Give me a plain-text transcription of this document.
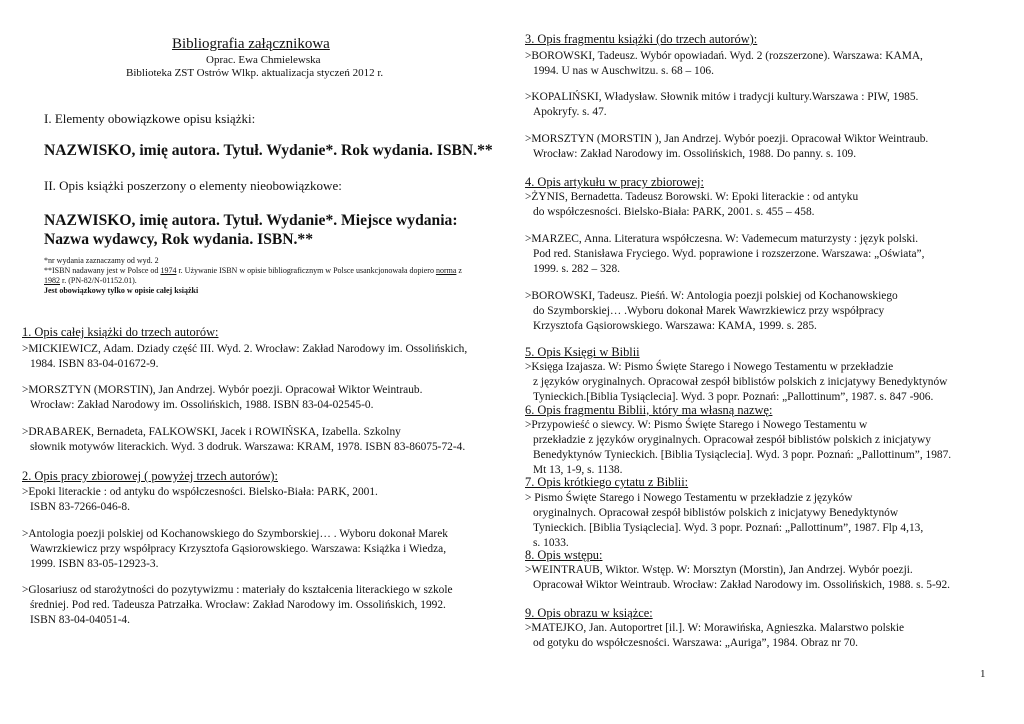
Bibliografia załącznikowa
Oprac. Ewa Chmielewska
Biblioteka ZST Ostrów Wlkp. aktualizacja styczeń 2012 r.
I. Elementy obowiązkowe opisu książki:
NAZWISKO, imię autora. Tytuł. Wydanie*. Rok wydania. ISBN.**
II. Opis książki poszerzony o elementy nieobowiązkowe:
NAZWISKO, imię autora. Tytuł. Wydanie*. Miejsce wydania:
Nazwa wydawcy, Rok wydania. ISBN.**
*nr wydania zaznaczamy od wyd. 2
**ISBN nadawany jest w Polsce od 1974 r. Używanie ISBN w opisie bibliograficznym w Polsce usankcjonowała dopiero norma z
1982 r. (PN-82/N-01152.01).
Jest obowiązkowy tylko w opisie całej książki
1. Opis całej książki do trzech autorów:
>MICKIEWICZ, Adam. Dziady część III. Wyd. 2. Wrocław: Zakład Narodowy im. Ossolińskich,
1984. ISBN 83-04-01672-9.
>MORSZTYN (MORSTIN), Jan Andrzej. Wybór poezji. Opracował Wiktor Weintraub.
Wrocław: Zakład Narodowy im. Ossolińskich, 1988. ISBN 83-04-02545-0.
>DRABAREK, Bernadeta, FALKOWSKI, Jacek i ROWIŃSKA, Izabella. Szkolny
słownik motywów literackich. Wyd. 3 dodruk. Warszawa: KRAM, 1978. ISBN 83-86075-72-4.
2. Opis pracy zbiorowej ( powyżej trzech autorów):
>Epoki literackie : od antyku do współczesności. Bielsko-Biała: PARK, 2001.
ISBN 83-7266-046-8.
>Antologia poezji polskiej od Kochanowskiego do Szymborskiej… . Wyboru dokonał Marek
Wawrzkiewicz przy współpracy Krzysztofa Gąsiorowskiego. Warszawa: Książka i Wiedza,
1999. ISBN 83-05-12923-3.
>Glosariusz od starożytności do pozytywizmu : materiały do kształcenia literackiego w szkole
średniej. Pod red. Tadeusza Patrzałka. Wrocław: Zakład Narodowy im. Ossolińskich, 1992.
ISBN 83-04-04051-4.
3. Opis fragmentu książki (do trzech autorów):
>BOROWSKI, Tadeusz. Wybór opowiadań. Wyd. 2 (rozszerzone). Warszawa: KAMA,
1994. U nas w Auschwitzu. s. 68 – 106.
>KOPALIŃSKI, Władysław. Słownik mitów i tradycji kultury.Warszawa : PIW, 1985.
Apokryfy. s. 47.
>MORSZTYN (MORSTIN ), Jan Andrzej. Wybór poezji. Opracował Wiktor Weintraub.
Wrocław: Zakład Narodowy im. Ossolińskich, 1988. Do panny. s. 109.
4. Opis artykułu w pracy zbiorowej:
>ŻYNIS, Bernadetta. Tadeusz Borowski. W: Epoki literackie : od antyku
do współczesności. Bielsko-Biała: PARK, 2001. s. 455 – 458.
>MARZEC, Anna. Literatura współczesna. W: Vademecum maturzysty : język polski.
Pod red. Stanisława Fryciego. Wyd. poprawione i rozszerzone. Warszawa: „Oświata”,
1999. s. 282 – 328.
>BOROWSKI, Tadeusz. Pieśń. W: Antologia poezji polskiej od Kochanowskiego
do Szymborskiej… .Wyboru dokonał Marek Wawrzkiewicz przy współpracy
Krzysztofa Gąsiorowskiego. Warszawa: KAMA, 1999. s. 285.
5. Opis Księgi w Biblii
>Księga Izajasza. W: Pismo Święte Starego i Nowego Testamentu w przekładzie
z języków oryginalnych. Opracował zespół biblistów polskich z inicjatywy Benedyktynów
Tynieckich.[Biblia Tysiąclecia]. Wyd. 3 popr. Poznań: „Pallottinum”, 1987. s. 847 -906.
6. Opis fragmentu Biblii, który ma własną nazwę:
>Przypowieść o siewcy. W: Pismo Święte Starego i Nowego Testamentu w
przekładzie z języków oryginalnych. Opracował zespół biblistów polskich z inicjatywy
Benedyktynów Tynieckich. [Biblia Tysiąclecia]. Wyd. 3 popr. Poznań: „Pallottinum”, 1987.
Mt 13, 1-9, s. 1138.
7. Opis krótkiego cytatu z Biblii:
> Pismo Święte Starego i Nowego Testamentu w przekładzie z języków
oryginalnych. Opracował zespół biblistów polskich z inicjatywy Benedyktynów
Tynieckich. [Biblia Tysiąclecia]. Wyd. 3 popr. Poznań: „Pallottinum”, 1987. Flp 4,13,
s. 1033.
8. Opis wstępu:
>WEINTRAUB, Wiktor. Wstęp. W: Morsztyn (Morstin), Jan Andrzej. Wybór poezji.
Opracował Wiktor Weintraub. Wrocław: Zakład Narodowy im. Ossolińskich, 1988. s. 5-92.
9. Opis obrazu w książce:
>MATEJKO, Jan. Autoportret [il.]. W: Morawińska, Agnieszka. Malarstwo polskie
od gotyku do współczesności. Warszawa: „Auriga”, 1984. Obraz nr 70.
1
